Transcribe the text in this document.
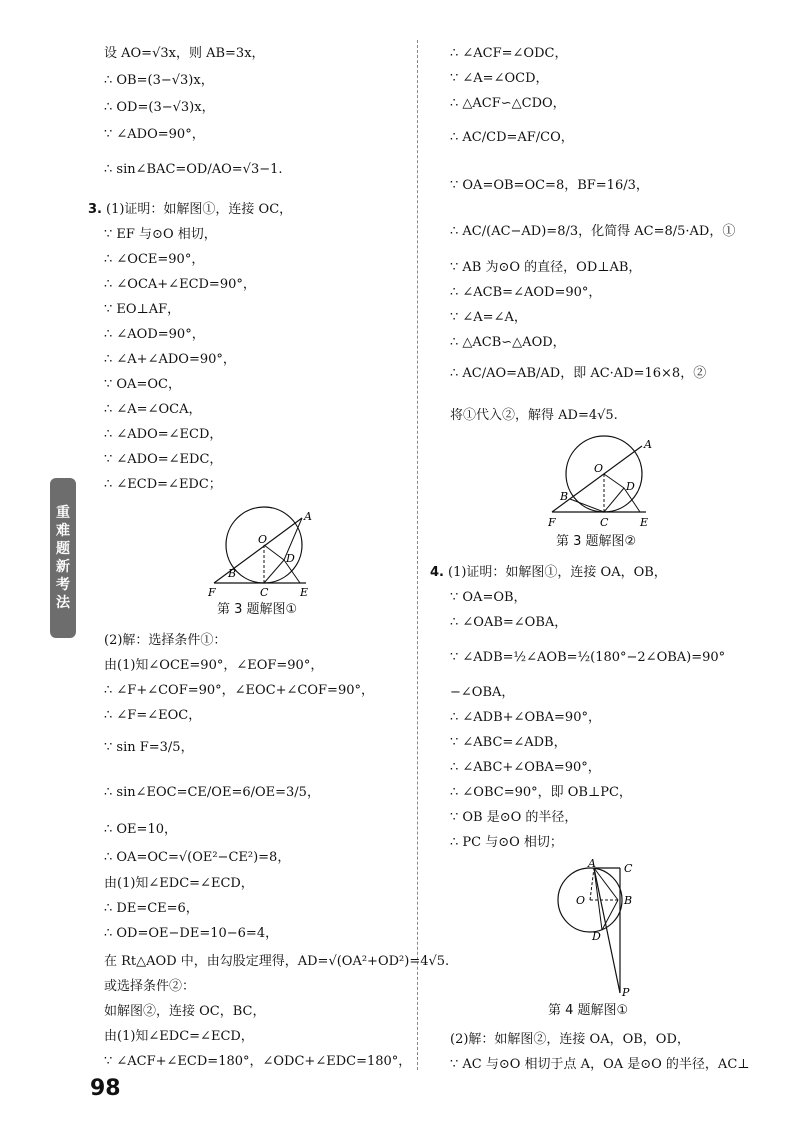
重
难
题
新
考
法
设 AO=√3x，则 AB=3x，
∴ OB=(3−√3)x，
∴ OD=(3−√3)x，
∵ ∠ADO=90°，
∴ sin∠BAC=OD/AO=√3−1.
3. (1)证明：如解图①，连接 OC，
∵ EF 与⊙O 相切，
∴ ∠OCE=90°，
∴ ∠OCA+∠ECD=90°，
∵ EO⊥AF，
∴ ∠AOD=90°，
∴ ∠A+∠ADO=90°，
∵ OA=OC，
∴ ∠A=∠OCA，
∴ ∠ADO=∠ECD，
∵ ∠ADO=∠EDC，
∴ ∠ECD=∠EDC；
A
O
D
B
F	C	E
第 3 题解图①
(2)解：选择条件①：
由(1)知∠OCE=90°，∠EOF=90°，
∴ ∠F+∠COF=90°，∠EOC+∠COF=90°，
∴ ∠F=∠EOC，
∵ sin F=3/5，
∴ sin∠EOC=CE/OE=6/OE=3/5，
∴ OE=10，
∴ OA=OC=√(OE²−CE²)=8，
由(1)知∠EDC=∠ECD，
∴ DE=CE=6，
∴ OD=OE−DE=10−6=4，
在 Rt△AOD 中，由勾股定理得，AD=√(OA²+OD²)=4√5.
或选择条件②：
如解图②，连接 OC，BC，
由(1)知∠EDC=∠ECD，
∵ ∠ACF+∠ECD=180°，∠ODC+∠EDC=180°，
∴ ∠ACF=∠ODC，
∵ ∠A=∠OCD，
∴ △ACF∽△CDO，
∴ AC/CD=AF/CO，
∵ OA=OB=OC=8，BF=16/3，
∴ AC/(AC−AD)=8/3，化简得 AC=8/5·AD，①
∵ AB 为⊙O 的直径，OD⊥AB，
∴ ∠ACB=∠AOD=90°，
∵ ∠A=∠A，
∴ △ACB∽△AOD，
∴ AC/AO=AB/AD，即 AC·AD=16×8，②
将①代入②，解得 AD=4√5.
A
O
D
B
F	C	E
第 3 题解图②
4. (1)证明：如解图①，连接 OA，OB，
∵ OA=OB，
∴ ∠OAB=∠OBA，
∵ ∠ADB=½∠AOB=½(180°−2∠OBA)=90°
−∠OBA，
∴ ∠ADB+∠OBA=90°，
∵ ∠ABC=∠ADB，
∴ ∠ABC+∠OBA=90°，
∴ ∠OBC=90°，即 OB⊥PC，
∵ OB 是⊙O 的半径，
∴ PC 与⊙O 相切；
A	C
B
O
D
P
第 4 题解图①
(2)解：如解图②，连接 OA，OB，OD，
∵ AC 与⊙O 相切于点 A，OA 是⊙O 的半径，AC⊥
98
